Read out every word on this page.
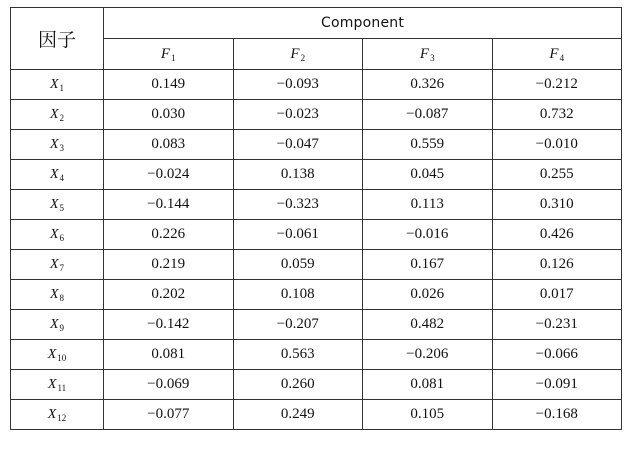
因子	Component			
	$F_1$	$F_2$	$F_3$	$F_4$
$X_1$	0.149	−0.093	0.326	−0.212
$X_2$	0.030	−0.023	−0.087	0.732
$X_3$	0.083	−0.047	0.559	−0.010
$X_4$	−0.024	0.138	0.045	0.255
$X_5$	−0.144	−0.323	0.113	0.310
$X_6$	0.226	−0.061	−0.016	0.426
$X_7$	0.219	0.059	0.167	0.126
$X_8$	0.202	0.108	0.026	0.017
$X_9$	−0.142	−0.207	0.482	−0.231
$X_{10}$	0.081	0.563	−0.206	−0.066
$X_{11}$	−0.069	0.260	0.081	−0.091
$X_{12}$	−0.077	0.249	0.105	−0.168
